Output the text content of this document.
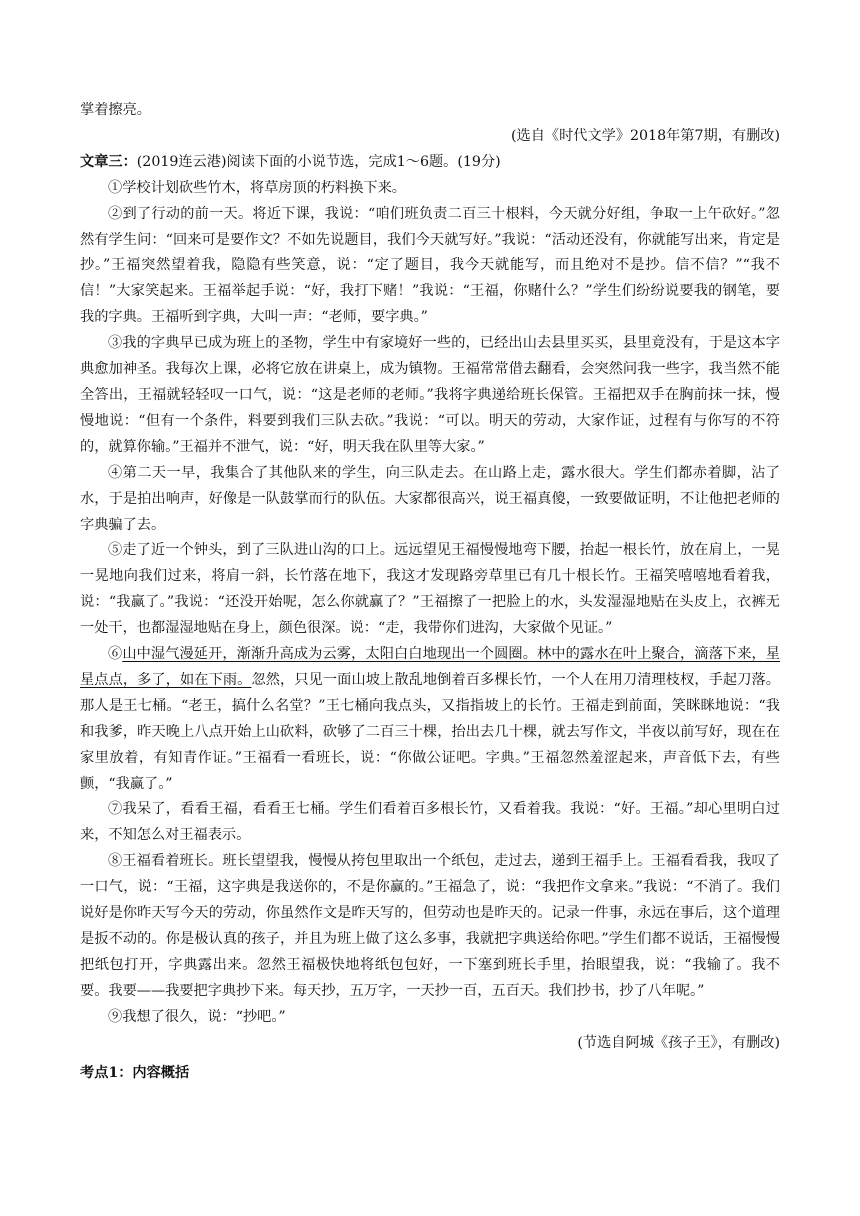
掌着擦亮。

(选自《时代文学》2018年第7期，有删改)

文章三：(2019连云港)阅读下面的小说节选，完成1～6题。(19分)

①学校计划砍些竹木，将草房顶的朽料换下来。

②到了行动的前一天。将近下课，我说：“咱们班负责二百三十根料，今天就分好组，争取一上午砍好。”忽然有学生问：“回来可是要作文？不如先说题目，我们今天就写好。”我说：“活动还没有，你就能写出来，肯定是抄。”王福突然望着我，隐隐有些笑意，说：“定了题目，我今天就能写，而且绝对不是抄。信不信？”“我不信！”大家笑起来。王福举起手说：“好，我打下赌！”我说：“王福，你赌什么？”学生们纷纷说要我的钢笔，要我的字典。王福听到字典，大叫一声：“老师，要字典。”

③我的字典早已成为班上的圣物，学生中有家境好一些的，已经出山去县里买买，县里竟没有，于是这本字典愈加神圣。我每次上课，必将它放在讲桌上，成为镇物。王福常常借去翻看，会突然问我一些字，我当然不能全答出，王福就轻轻叹一口气，说：“这是老师的老师。”我将字典递给班长保管。王福把双手在胸前抹一抹，慢慢地说：“但有一个条件，料要到我们三队去砍。”我说：“可以。明天的劳动，大家作证，过程有与你写的不符的，就算你输。”王福并不泄气，说：“好，明天我在队里等大家。”

④第二天一早，我集合了其他队来的学生，向三队走去。在山路上走，露水很大。学生们都赤着脚，沾了水，于是拍出响声，好像是一队鼓掌而行的队伍。大家都很高兴，说王福真傻，一致要做证明，不让他把老师的字典骗了去。

⑤走了近一个钟头，到了三队进山沟的口上。远远望见王福慢慢地弯下腰，抬起一根长竹，放在肩上，一晃一晃地向我们过来，将肩一斜，长竹落在地下，我这才发现路旁草里已有几十根长竹。王福笑嘻嘻地看着我，说：“我赢了。”我说：“还没开始呢，怎么你就赢了？”王福擦了一把脸上的水，头发湿湿地贴在头皮上，衣裤无一处干，也都湿湿地贴在身上，颜色很深。说：“走，我带你们进沟，大家做个见证。”

⑥山中湿气漫延开，渐渐升高成为云雾，太阳白白地现出一个圆圈。林中的露水在叶上聚合，滴落下来，星星点点，多了，如在下雨。忽然，只见一面山坡上散乱地倒着百多棵长竹，一个人在用刀清理枝杈，手起刀落。那人是王七桶。“老王，搞什么名堂？”王七桶向我点头，又指指坡上的长竹。王福走到前面，笑眯眯地说：“我和我爹，昨天晚上八点开始上山砍料，砍够了二百三十棵，抬出去几十棵，就去写作文，半夜以前写好，现在在家里放着，有知青作证。”王福看一看班长，说：“你做公证吧。字典。”王福忽然羞涩起来，声音低下去，有些颤，“我赢了。”

⑦我呆了，看看王福，看看王七桶。学生们看着百多根长竹，又看着我。我说：“好。王福。”却心里明白过来，不知怎么对王福表示。

⑧王福看着班长。班长望望我，慢慢从挎包里取出一个纸包，走过去，递到王福手上。王福看看我，我叹了一口气，说：“王福，这字典是我送你的，不是你赢的。”王福急了，说：“我把作文拿来。”我说：“不消了。我们说好是你昨天写今天的劳动，你虽然作文是昨天写的，但劳动也是昨天的。记录一件事，永远在事后，这个道理是扳不动的。你是极认真的孩子，并且为班上做了这么多事，我就把字典送给你吧。”学生们都不说话，王福慢慢把纸包打开，字典露出来。忽然王福极快地将纸包包好，一下塞到班长手里，抬眼望我，说：“我输了。我不要。我要——我要把字典抄下来。每天抄，五万字，一天抄一百，五百天。我们抄书，抄了八年呢。”

⑨我想了很久，说：“抄吧。”

(节选自阿城《孩子王》，有删改)

考点1：内容概括
